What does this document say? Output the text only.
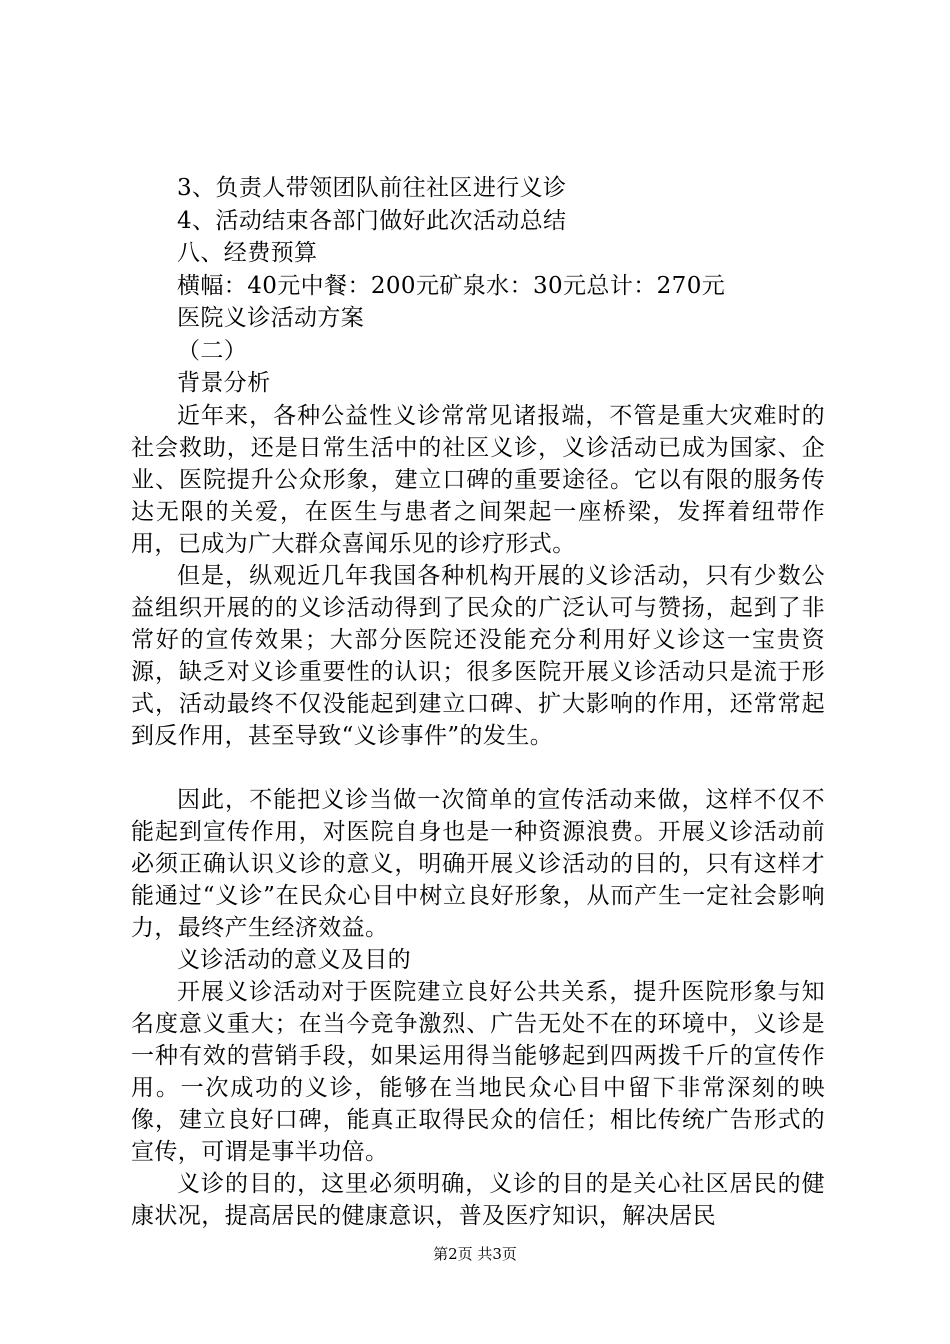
3、负责人带领团队前往社区进行义诊
4、活动结束各部门做好此次活动总结
八、经费预算
横幅：40元中餐：200元矿泉水：30元总计：270元
医院义诊活动方案
（二）
背景分析

近年来，各种公益性义诊常常见诸报端，不管是重大灾难时的社会救助，还是日常生活中的社区义诊，义诊活动已成为国家、企业、医院提升公众形象，建立口碑的重要途径。它以有限的服务传达无限的关爱，在医生与患者之间架起一座桥梁，发挥着纽带作用，已成为广大群众喜闻乐见的诊疗形式。

但是，纵观近几年我国各种机构开展的义诊活动，只有少数公益组织开展的的义诊活动得到了民众的广泛认可与赞扬，起到了非常好的宣传效果；大部分医院还没能充分利用好义诊这一宝贵资源，缺乏对义诊重要性的认识；很多医院开展义诊活动只是流于形式，活动最终不仅没能起到建立口碑、扩大影响的作用，还常常起到反作用，甚至导致“义诊事件”的发生。

因此，不能把义诊当做一次简单的宣传活动来做，这样不仅不能起到宣传作用，对医院自身也是一种资源浪费。开展义诊活动前必须正确认识义诊的意义，明确开展义诊活动的目的，只有这样才能通过“义诊”在民众心目中树立良好形象，从而产生一定社会影响力，最终产生经济效益。

义诊活动的意义及目的

开展义诊活动对于医院建立良好公共关系，提升医院形象与知名度意义重大；在当今竞争激烈、广告无处不在的环境中，义诊是一种有效的营销手段，如果运用得当能够起到四两拨千斤的宣传作用。一次成功的义诊，能够在当地民众心目中留下非常深刻的映像，建立良好口碑，能真正取得民众的信任；相比传统广告形式的宣传，可谓是事半功倍。

义诊的目的，这里必须明确，义诊的目的是关心社区居民的健康状况，提高居民的健康意识，普及医疗知识，解决居民

第2页 共3页
